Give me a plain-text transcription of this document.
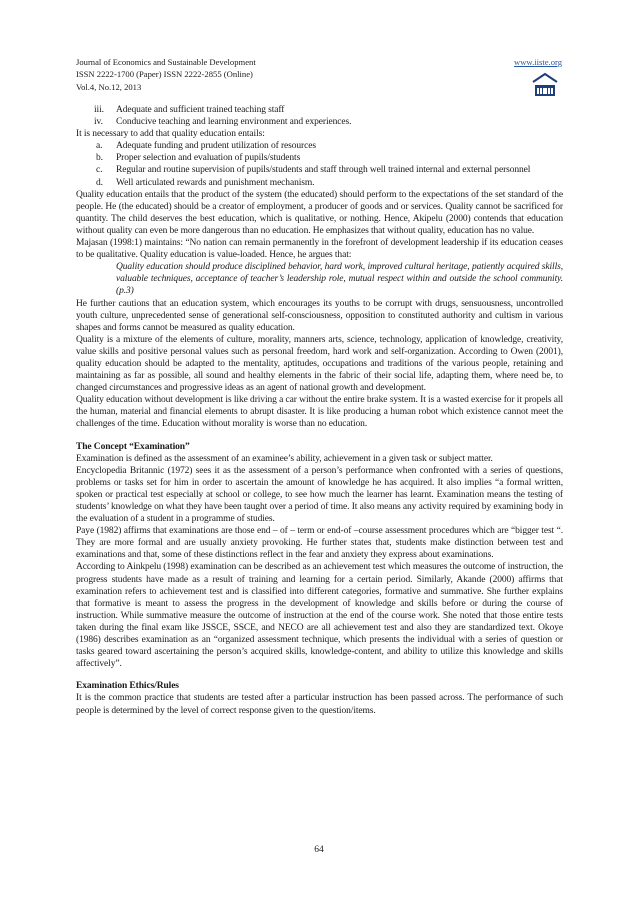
Journal of Economics and Sustainable Development
ISSN 2222-1700 (Paper) ISSN 2222-2855 (Online)
Vol.4, No.12, 2013
www.iiste.org
iii. Adequate and sufficient trained teaching staff
iv. Conducive teaching and learning environment and experiences.

It is necessary to add that quality education entails:

a. Adequate funding and prudent utilization of resources
b. Proper selection and evaluation of pupils/students
c. Regular and routine supervision of pupils/students and staff through well trained internal and external personnel
d. Well articulated rewards and punishment mechanism.

Quality education entails that the product of the system (the educated) should perform to the expectations of the set standard of the people. He (the educated) should be a creator of employment, a producer of goods and or services. Quality cannot be sacrificed for quantity. The child deserves the best education, which is qualitative, or nothing. Hence, Akipelu (2000) contends that education without quality can even be more dangerous than no education. He emphasizes that without quality, education has no value.

Majasan (1998:1) maintains: “No nation can remain permanently in the forefront of development leadership if its education ceases to be qualitative. Quality education is value-loaded. Hence, he argues that:

Quality education should produce disciplined behavior, hard work, improved cultural heritage, patiently acquired skills, valuable techniques, acceptance of teacher’s leadership role, mutual respect within and outside the school community. (p.3)

He further cautions that an education system, which encourages its youths to be corrupt with drugs, sensuousness, uncontrolled youth culture, unprecedented sense of generational self-consciousness, opposition to constituted authority and cultism in various shapes and forms cannot be measured as quality education.

Quality is a mixture of the elements of culture, morality, manners arts, science, technology, application of knowledge, creativity, value skills and positive personal values such as personal freedom, hard work and self-organization. According to Owen (2001), quality education should be adapted to the mentality, aptitudes, occupations and traditions of the various people, retaining and maintaining as far as possible, all sound and healthy elements in the fabric of their social life, adapting them, where need be, to changed circumstances and progressive ideas as an agent of national growth and development.

Quality education without development is like driving a car without the entire brake system. It is a wasted exercise for it propels all the human, material and financial elements to abrupt disaster. It is like producing a human robot which existence cannot meet the challenges of the time. Education without morality is worse than no education.

The Concept “Examination”

Examination is defined as the assessment of an examinee’s ability, achievement in a given task or subject matter.

Encyclopedia Britannic (1972) sees it as the assessment of a person’s performance when confronted with a series of questions, problems or tasks set for him in order to ascertain the amount of knowledge he has acquired. It also implies “a formal written, spoken or practical test especially at school or college, to see how much the learner has learnt. Examination means the testing of students’ knowledge on what they have been taught over a period of time. It also means any activity required by examining body in the evaluation of a student in a programme of studies.

Paye (1982) affirms that examinations are those end – of – term or end-of –course assessment procedures which are “bigger test “. They are more formal and are usually anxiety provoking. He further states that, students make distinction between test and examinations and that, some of these distinctions reflect in the fear and anxiety they express about examinations.

According to Ainkpelu (1998) examination can be described as an achievement test which measures the outcome of instruction, the progress students have made as a result of training and learning for a certain period. Similarly, Akande (2000) affirms that examination refers to achievement test and is classified into different categories, formative and summative. She further explains that formative is meant to assess the progress in the development of knowledge and skills before or during the course of instruction. While summative measure the outcome of instruction at the end of the course work. She noted that those entire tests taken during the final exam like JSSCE, SSCE, and NECO are all achievement test and also they are standardized text. Okoye (1986) describes examination as an “organized assessment technique, which presents the individual with a series of question or tasks geared toward ascertaining the person’s acquired skills, knowledge-content, and ability to utilize this knowledge and skills affectively”.

Examination Ethics/Rules

It is the common practice that students are tested after a particular instruction has been passed across. The performance of such people is determined by the level of correct response given to the question/items.

64
